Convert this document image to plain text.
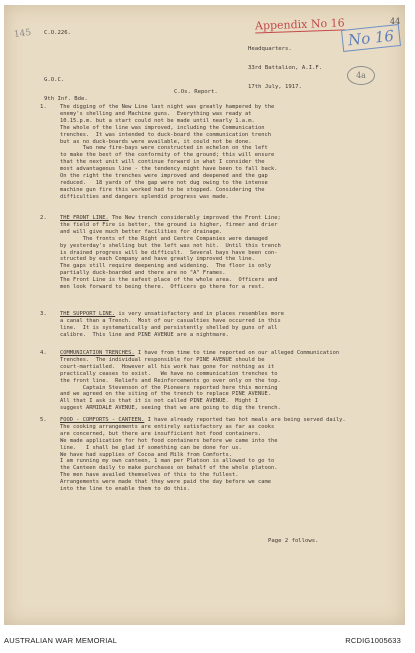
145 C.O.226.
Appendix No 16	44
No 16
4a

Headquarters.

33rd Battalion, A.I.F.

17th July, 1917.

G.O.C.

9th Inf. Bde.

C.Os. Report.
1. The digging of the New Line last night was greatly hampered by the
enemy's shelling and Machine guns.  Everything was ready at
10.15.p.m. but a start could not be made until nearly 1.a.m.
The whole of the line was improved, including the Communication
trenches.  It was intended to duck-board the communication trench
but as no duck-boards were available, it could not be done.
Two new fire-bays were constructed in echelon on the left
to make the best of the conformity of the ground; this will ensure
that the next unit will continue forward in what I consider the
most advantageous line - the tendency might have been to fall back.
On the right the trenches were improved and deepened and the gap
reduced.   18 yards of the gap were not dug owing to the intense
machine gun fire this worked had to be stopped. Considering the
difficulties and dangers splendid progress was made.
2. THE FRONT LINE. The New trench considerably improved the Front Line;
the field of Fire is better, the ground is higher, firmer and drier
and will give much better facilities for drainage.
The fronts of the Right and Centre Companies were damaged
by yesterday's shelling but the left was not hit.  Until this trench
is drained progress will be difficult.  Several bays have been con-
structed by each Company and have greatly improved the line.
The gaps still require deepening and widening.  The floor is only
partially duck-boarded and there are no "A" Frames.
The Front Line is the safest place of the whole area.  Officers and
men look forward to being there.  Officers go there for a rest.
3. THE SUPPORT LINE. is very unsatisfactory and in places resembles more
a canal than a Trench.  Most of our casualties have occurred in this
line.  It is systematically and persistently shelled by guns of all
calibre.  This line and PINE AVENUE are a nightmare.
4. COMMUNICATION TRENCHES. I have from time to time reported on our alleged Communication
Trenches.  The individual responsible for PINE AVENUE should be
court-martialled.  However all his work has gone for nothing as it
practically ceases to exist.   We have no communication trenches to
the front line.  Reliefs and Reinforcements go over only on the top.
Captain Stevenson of the Pioneers reported here this morning
and we agreed on the siting of the trench to replace PINE AVENUE.
All that I ask is that it is not called PINE AVENUE.  Might I
suggest ARMIDALE AVENUE, seeing that we are going to dig the trench.
5. FOOD - COMFORTS - CANTEEN. I have already reported two hot meals are being served daily.
The cooking arrangements are entirely satisfactory as far as cooks
are concerned, but there are insufficient hot food containers.
We made application for hot food containers before we came into the
line.   I shall be glad if something can be done for us.
We have had supplies of Cocoa and Milk from Comforts.
I am running my own canteen, 1 man per Platoon is allowed to go to
the Canteen daily to make purchases on behalf of the whole platoon.
The men have availed themselves of this to the fullest.
Arrangements were made that they were paid the day before we came
into the line to enable them to do this.
Page 2 follows.
AUSTRALIAN WAR MEMORIAL	RCDIG1005633
